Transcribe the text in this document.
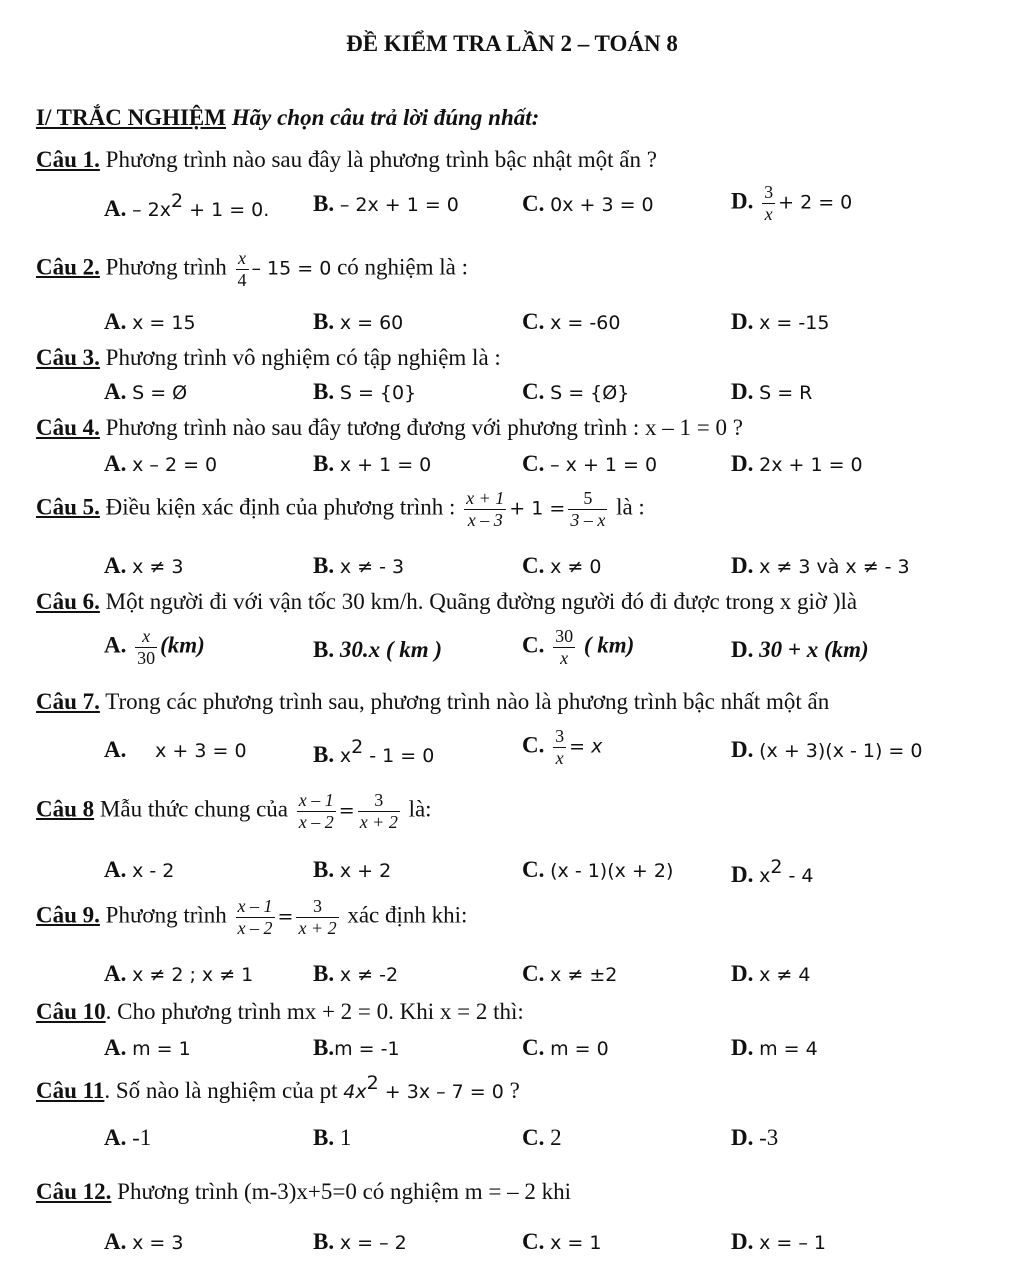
ĐỀ KIỂM TRA LẦN 2 – TOÁN 8
I/ TRẮC NGHIỆM Hãy chọn câu trả lời đúng nhất:
Câu 1. Phương trình nào sau đây là phương trình bậc nhật một ẩn ?
A. – $2x^2 + 1 = 0$. B. – 2x + 1 = 0	C. 0x + 3 = 0	D. $\frac{3}{x} + 2 = 0$
Câu 2. Phương trình $\frac{x}{4} - 15 = 0$ có nghiệm là :
A. x = 15	B. x = 60	C. x = -60	D. x = -15
Câu 3. Phương trình vô nghiệm có tập nghiệm là :
A. S = Ø	B. S = {0}	C. S = {Ø}	D. S = R
Câu 4. Phương trình nào sau đây tương đương với phương trình : x – 1 = 0 ?
A. x – 2 = 0	B. x + 1 = 0	C. – x + 1 = 0	D. 2x + 1 = 0
Câu 5. Điều kiện xác định của phương trình : $\frac{x + 1}{x - 3} + 1 = \frac{5}{3 - x}$ là :
A. x ≠ 3	B. x ≠ - 3	C. x ≠ 0	D. x ≠ 3 và x ≠ - 3
Câu 6. Một người đi với vận tốc 30 km/h. Quãng đường người đó đi được trong x giờ )là
A. $\frac{x}{30} (km)$	B. 30.x ( km )	C. $\frac{30}{x}$ ( km)	D. 30 + x (km)
Câu 7. Trong các phương trình sau, phương trình nào là phương trình bậc nhất một ẩn
A. x + 3 = 0	B. $x^2 - 1 = 0$	C. $\frac{3}{x} = x$	D. (x + 3)(x - 1) = 0
Câu 8 Mẫu thức chung của $\frac{x - 1}{x - 2} = \frac{3}{x + 2}$ là:
A. x - 2	B. x + 2	C. (x - 1)(x + 2)	D. $x^2 - 4$
Câu 9. Phương trình $\frac{x - 1}{x - 2} = \frac{3}{x + 2}$ xác định khi:
A. x ≠ 2 ; x ≠ 1	B. x ≠ -2	C. x ≠ ±2	D. x ≠ 4
Câu 10. Cho phương trình mx + 2 = 0. Khi x = 2 thì:
A. m = 1	B.m = -1	C. m = 0	D. m = 4
Câu 11. Số nào là nghiệm của pt $4x^2 + 3x - 7 = 0$ ?
A. -1	B. 1	C. 2	D. -3
Câu 12. Phương trình (m-3)x+5=0 có nghiệm m = – 2 khi
A. x = 3	B. x = – 2	C. x = 1	D. x = – 1
